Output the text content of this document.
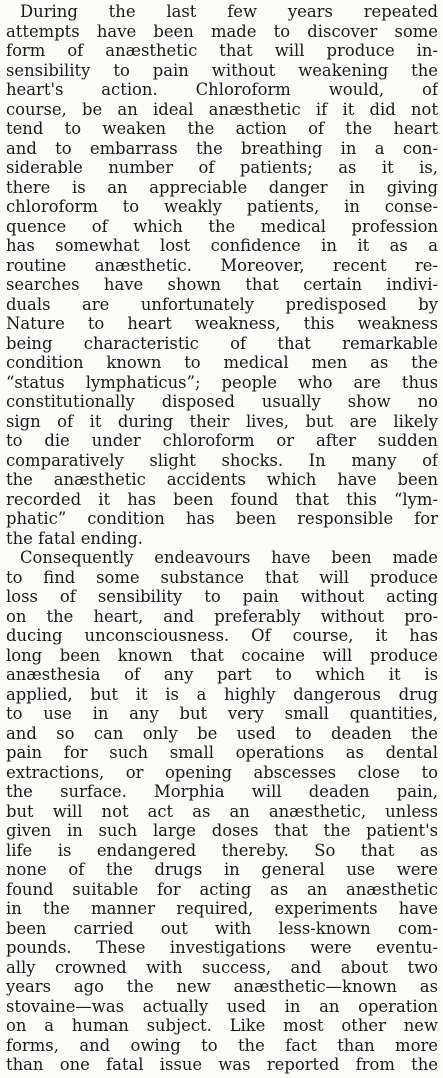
During the last few years repeated
attempts have been made to discover some
form of anæsthetic that will produce in-
sensibility to pain without weakening the
heart's action. Chloroform would, of
course, be an ideal anæsthetic if it did not
tend to weaken the action of the heart
and to embarrass the breathing in a con-
siderable number of patients; as it is,
there is an appreciable danger in giving
chloroform to weakly patients, in conse-
quence of which the medical profession
has somewhat lost confidence in it as a
routine anæsthetic. Moreover, recent re-
searches have shown that certain indivi-
duals are unfortunately predisposed by
Nature to heart weakness, this weakness
being characteristic of that remarkable
condition known to medical men as the
“status lymphaticus”; people who are thus
constitutionally disposed usually show no
sign of it during their lives, but are likely
to die under chloroform or after sudden
comparatively slight shocks. In many of
the anæsthetic accidents which have been
recorded it has been found that this “lym-
phatic” condition has been responsible for
the fatal ending.
Consequently endeavours have been made
to find some substance that will produce
loss of sensibility to pain without acting
on the heart, and preferably without pro-
ducing unconsciousness. Of course, it has
long been known that cocaine will produce
anæsthesia of any part to which it is
applied, but it is a highly dangerous drug
to use in any but very small quantities,
and so can only be used to deaden the
pain for such small operations as dental
extractions, or opening abscesses close to
the surface. Morphia will deaden pain,
but will not act as an anæsthetic, unless
given in such large doses that the patient's
life is endangered thereby. So that as
none of the drugs in general use were
found suitable for acting as an anæsthetic
in the manner required, experiments have
been carried out with less-known com-
pounds. These investigations were eventu-
ally crowned with success, and about two
years ago the new anæsthetic—known as
stovaine—was actually used in an operation
on a human subject. Like most other new
forms, and owing to the fact than more
than one fatal issue was reported from the
